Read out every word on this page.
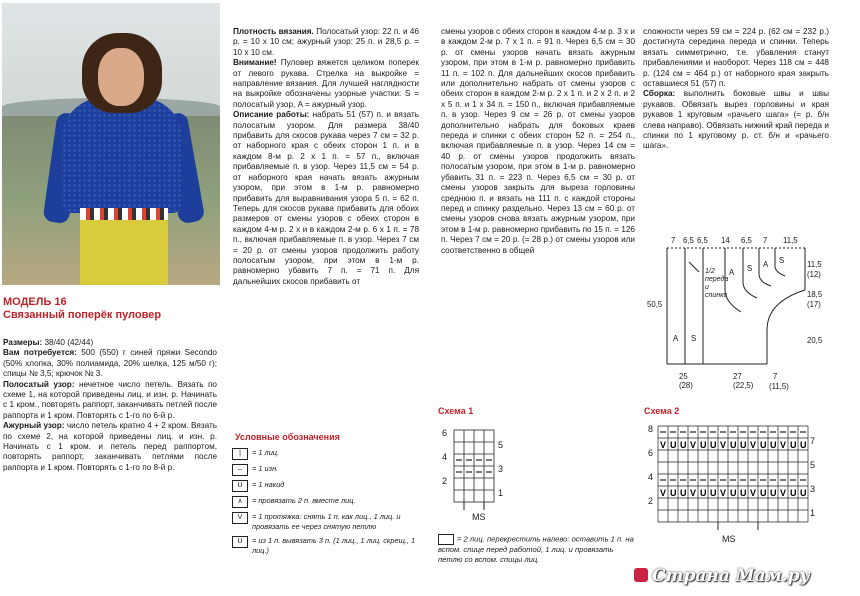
МОДЕЛЬ 16
Связанный поперёк пуловер

Размеры: 38/40 (42/44)

Вам потребуется: 500 (550) г синей пряжи Secondo (50% хлопка, 30% полиамида, 20% шелка, 125 м/50 г); спицы № 3,5; крючок № 3.

Полосатый узор: нечетное число петель. Вязать по схеме 1, на которой приведены лиц. и изн. р. Начинать с 1 кром., повторять раппорт, заканчивать петлей после раппорта и 1 кром. Повторять с 1-го по 6-й р.

Ажурный узор: число петель кратно 4 + 2 кром. Вязать по схеме 2, на которой приведены лиц. и изн. р. Начинать с 1 кром. и петель перед раппортом, повторять раппорт, заканчивать петлями после раппорта и 1 кром. Повторять с 1-го по 8-й р.

Плотность вязания. Полосатый узор: 22 п. и 46 р. = 10 х 10 см; ажурный узор: 25 п. и 28,5 р. = 10 х 10 см.

Внимание! Пуловер вяжется целиком поперек от левого рукава. Стрелка на выкройке = направление вязания. Для лучшей наглядности на выкройке обозначены узорные участки: S = полосатый узор, A = ажурный узор.

Описание работы: набрать 51 (57) п. и вязать полосатым узором. Для размера 38/40 прибавить для скосов рукава через 7 см = 32 р. от наборного края с обеих сторон 1 п. и в каждом 8-м р. 2 х 1 п. = 57 п., включая прибавляемые п. в узор. Через 11,5 см = 54 р. от наборного края начать вязать ажурным узором, при этом в 1-м р. равномерно прибавить для выравнивания узора 5 п. = 62 п. Теперь для скосов рукава прибавить для обоих размеров от смены узоров с обеих сторон в каждом 4-м р. 2 х и в каждом 2-м р. 6 х 1 п. = 78 п., включая прибавляемые п. в узор. Через 7 см = 20 р. от смены узоров продолжить работу полосатым узором, при этом в 1-м р. равномерно убавить 7 п. = 71 п. Для дальнейших скосов прибавить от

смены узоров с обеих сторон в каждом 4-м р. 3 х и в каждом 2-м р. 7 х 1 п. = 91 п. Через 6,5 см = 30 р. от смены узоров начать вязать ажурным узором, при этом в 1-м р. равномерно прибавить 11 п. = 102 п. Для дальнейших скосов прибавить или дополнительно набрать от смены узоров с обеих сторон в каждом 2-м р. 2 х 1 п. и 2 х 2 п. и 2 х 5 п. и 1 х 34 п. = 150 п., включая прибавляемые п. в узор. Через 9 см = 26 р. от смены узоров дополнительно набрать для боковых краев переда и спинки с обеих сторон 52 п. = 254 п., включая прибавляемые п. в узор. Через 14 см = 40 р. от смены узоров продолжить вязать полосатым узором, при этом в 1-м р. равномерно убавить 31 п. = 223 п. Через 6,5 см = 30 р. от смены узоров закрыть для выреза горловины среднюю п. и вязать на 111 п. с каждой стороны перед и спинку раздельно. Через 13 см = 60 р. от смены узоров снова вязать ажурным узором, при этом в 1-м р. равномерно прибавить по 15 п. = 126 п. Через 7 см = 20 р. (= 28 р.) от смены узоров или соответственно в общей

сложности через 59 см = 224 р. (62 см = 232 р.) достигнута середина переда и спинки. Теперь вязать симметрично, т.е. убавления станут прибавлениями и наоборот. Через 118 см = 448 р. (124 см = 464 р.) от наборного края закрыть оставшиеся 51 (57) п.

Сборка: выполнить боковые швы и швы рукавов. Обвязать вырез горловины и края рукавов 1 круговым «рачьего шага» (= р. б/н слева направо). Обвязать нижний край переда и спинки по 1 круговому р. ст. б/н и «рачьего шага».

Условные обозначения
|	= 1 лиц.
–	= 1 изн.
U	= 1 накид
∧	= провязать 2 п. вместе лиц.
V	= 1 протяжка: снять 1 п. как лиц., 1 лиц. и провязать ее через снятую петлю
U	= из 1 п. вывязать 3 п. (1 лиц., 1 лиц. скрещ., 1 лиц.)
Схема 1
6
4
2
5
3
1
MS
= 2 лиц. перекрестить налево: оставить 1 п. на вспом. спице перед работой, 1 лиц. и провязать петлю со вспом. спицы лиц.
Схема 2
V U U V U U V U U V U U V U U
V U U V U U V U U V U U V U U
8
6
4
2
7
5
3
1
MS
7 6,5 6,5 14 6,5 7 11,5
11,5
(12)
18,5
(17)
20,5
50,5
25 (28)
27 (22,5)
7
(11,5)
1/2 переда и спинки
A S
A S A S
Страна Мам.ру
